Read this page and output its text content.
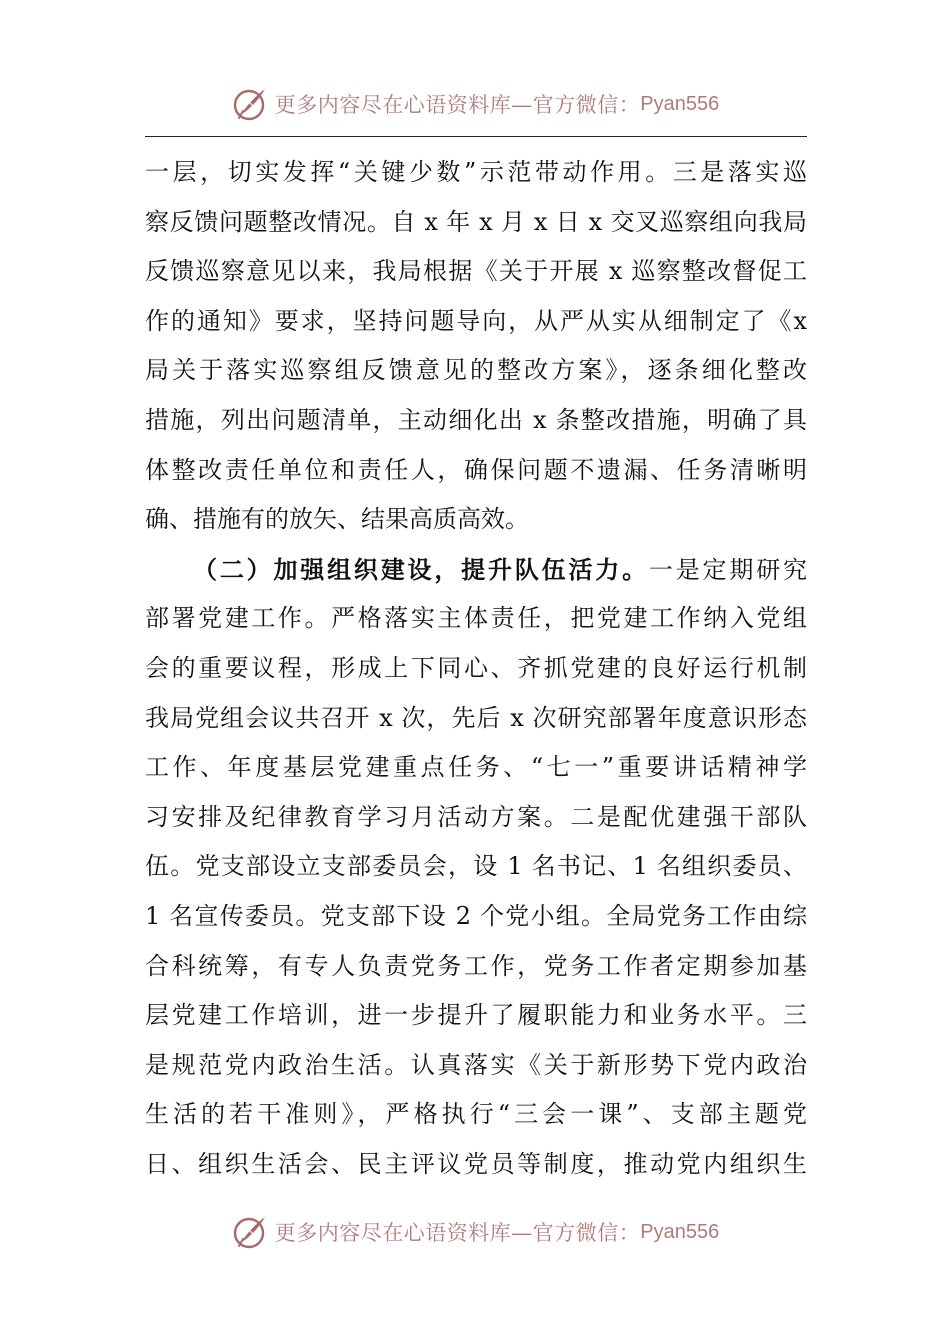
更多内容尽在心语资料库—官方微信： Pyan556
一层，切实发挥“关键少数”示范带动作用。三是落实巡
察反馈问题整改情况。自 x 年 x 月 x 日 x 交叉巡察组向我局
反馈巡察意见以来，我局根据《关于开展 x 巡察整改督促工
作的通知》要求，坚持问题导向，从严从实从细制定了《x
局关于落实巡察组反馈意见的整改方案》，逐条细化整改
措施，列出问题清单，主动细化出 x 条整改措施，明确了具
体整改责任单位和责任人，确保问题不遗漏、任务清晰明
确、措施有的放矢、结果高质高效。
（二）加强组织建设，提升队伍活力。一是定期研究
部署党建工作。严格落实主体责任，把党建工作纳入党组
会的重要议程，形成上下同心、齐抓党建的良好运行机制
我局党组会议共召开 x 次，先后 x 次研究部署年度意识形态
工作、年度基层党建重点任务、“七一”重要讲话精神学
习安排及纪律教育学习月活动方案。二是配优建强干部队
伍。党支部设立支部委员会，设 1 名书记、1 名组织委员、
1 名宣传委员。党支部下设 2 个党小组。全局党务工作由综
合科统筹，有专人负责党务工作，党务工作者定期参加基
层党建工作培训，进一步提升了履职能力和业务水平。三
是规范党内政治生活。认真落实《关于新形势下党内政治
生活的若干准则》，严格执行“三会一课”、支部主题党
日、组织生活会、民主评议党员等制度，推动党内组织生
更多内容尽在心语资料库—官方微信： Pyan556
